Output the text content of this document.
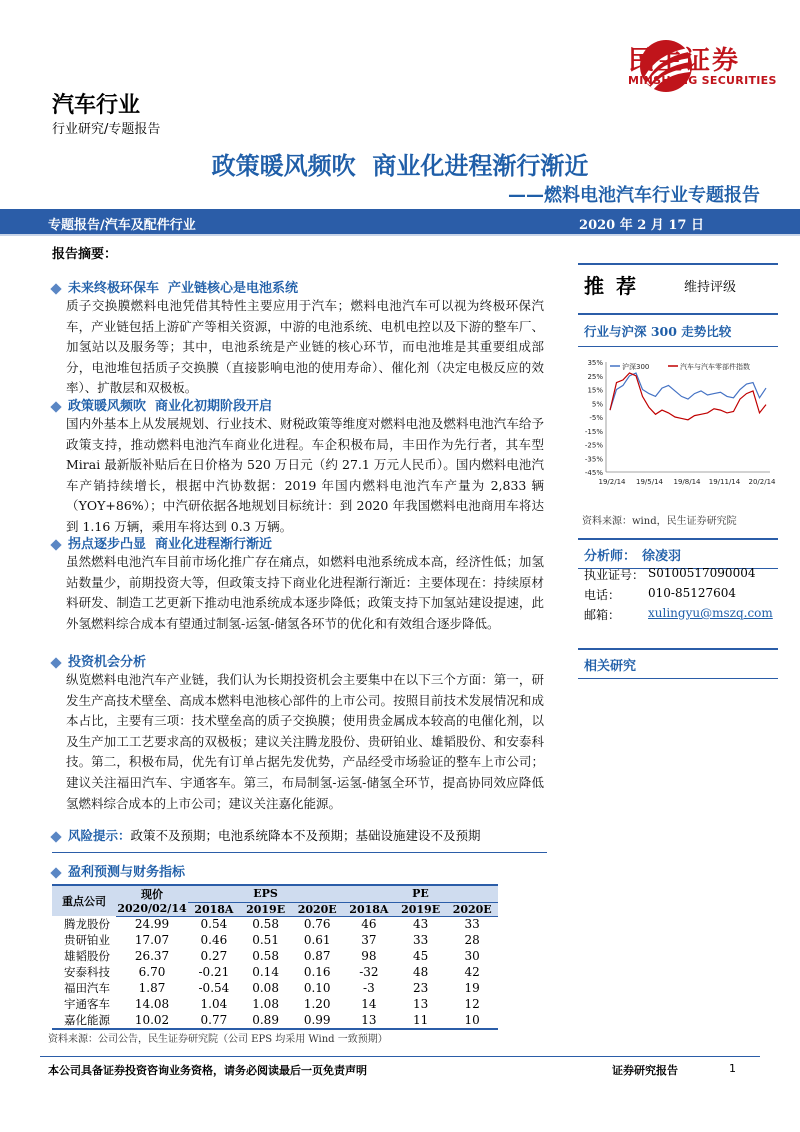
汽车行业
行业研究/专题报告
民生证券
MINSHENG SECURITIES
政策暖风频吹  商业化进程渐行渐近
——燃料电池汽车行业专题报告
专题报告/汽车及配件行业	2020 年 2 月 17 日
报告摘要：
未来终极环保车  产业链核心是电池系统
质子交换膜燃料电池凭借其特性主要应用于汽车；燃料电池汽车可以视为终极环保汽车，产业链包括上游矿产等相关资源，中游的电池系统、电机电控以及下游的整车厂、加氢站以及服务等；其中，电池系统是产业链的核心环节，而电池堆是其重要组成部分，电池堆包括质子交换膜（直接影响电池的使用寿命）、催化剂（决定电极反应的效率）、扩散层和双极板。
政策暖风频吹  商业化初期阶段开启
国内外基本上从发展规划、行业技术、财税政策等维度对燃料电池及燃料电池汽车给予政策支持，推动燃料电池汽车商业化进程。车企积极布局，丰田作为先行者，其车型 Mirai 最新版补贴后在日价格为 520 万日元（约 27.1 万元人民币）。国内燃料电池汽车产销持续增长，根据中汽协数据：2019 年国内燃料电池汽车产量为 2,833 辆（YOY+86%）；中汽研依据各地规划目标统计：到 2020 年我国燃料电池商用车将达到 1.16 万辆，乘用车将达到 0.3 万辆。
拐点逐步凸显  商业化进程渐行渐近
虽然燃料电池汽车目前市场化推广存在痛点，如燃料电池系统成本高，经济性低；加氢站数量少，前期投资大等，但政策支持下商业化进程渐行渐近：主要体现在：持续原材料研发、制造工艺更新下推动电池系统成本逐步降低；政策支持下加氢站建设提速，此外氢燃料综合成本有望通过制氢-运氢-储氢各环节的优化和有效组合逐步降低。
投资机会分析
纵览燃料电池汽车产业链，我们认为长期投资机会主要集中在以下三个方面：第一，研发生产高技术壁垒、高成本燃料电池核心部件的上市公司。按照目前技术发展情况和成本占比，主要有三项：技术壁垒高的质子交换膜；使用贵金属成本较高的电催化剂，以及生产加工工艺要求高的双极板；建议关注腾龙股份、贵研铂业、雄韬股份、和安泰科技。第二，积极布局，优先有订单占据先发优势，产品经受市场验证的整车上市公司；建议关注福田汽车、宇通客车。第三，布局制氢-运氢-储氢全环节，提高协同效应降低氢燃料综合成本的上市公司；建议关注嘉化能源。
风险提示：政策不及预期；电池系统降本不及预期；基础设施建设不及预期
盈利预测与财务指标
重点公司	现价	EPS			PE		
	2020/02/14	2018A	2019E	2020E	2018A	2019E	2020E
腾龙股份	24.99	0.54	0.58	0.76	46	43	33
贵研铂业	17.07	0.46	0.51	0.61	37	33	28
雄韬股份	26.37	0.27	0.58	0.87	98	45	30
安泰科技	6.70	-0.21	0.14	0.16	-32	48	42
福田汽车	1.87	-0.54	0.08	0.10	-3	23	19
宇通客车	14.08	1.04	1.08	1.20	14	13	12
嘉化能源	10.02	0.77	0.89	0.99	13	11	10
资料来源：公司公告，民生证券研究院（公司 EPS 均采用 Wind 一致预期）
推荐	维持评级
行业与沪深 300 走势比较
35%
25%
15%
5%
-5%
-15%
-25%
-35%
-45%
19/2/14 19/5/14 19/8/14 19/11/14 20/2/14
沪深300	汽车与汽车零部件指数
资料来源：wind，民生证券研究院
分析师： 徐凌羽
执业证号： S0100517090004
电话： 010-85127604
邮箱： xulingyu@mszq.com
相关研究
本公司具备证券投资咨询业务资格，请务必阅读最后一页免责声明	证券研究报告	1
